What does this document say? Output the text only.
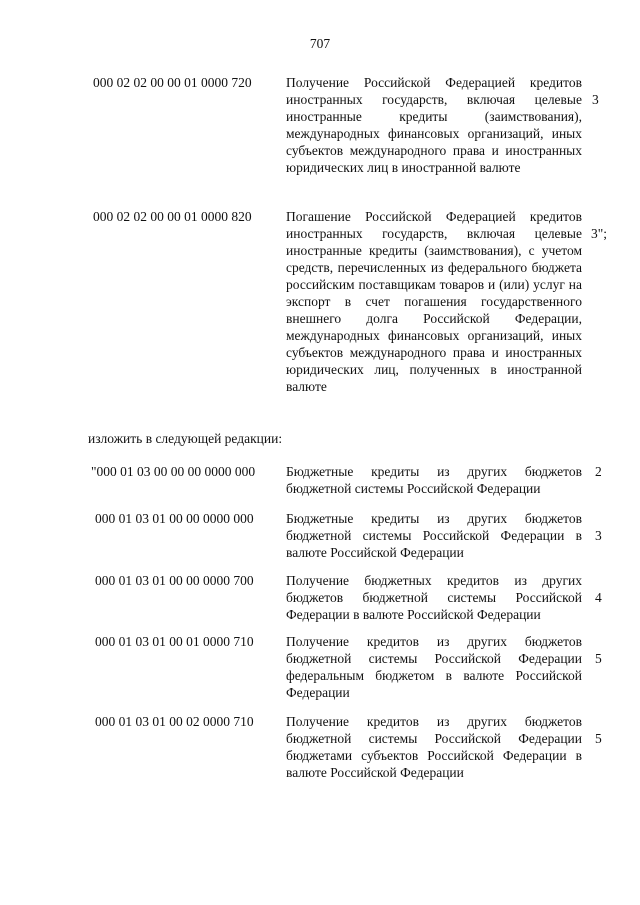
707
000 02 02 00 00 01 0000 720	Получение Российской Федерацией кредитов иностранных государств, включая целевые иностранные кредиты (заимствования), международных финансовых организаций, иных субъектов международного права и иностранных юридических лиц в иностранной валюте
3
000 02 02 00 00 01 0000 820	Погашение Российской Федерацией кредитов иностранных государств, включая целевые иностранные кредиты (заимствования), с учетом средств, перечисленных из федерального бюджета российским поставщикам товаров и (или) услуг на экспорт в счет погашения государственного внешнего долга Российской Федерации, международных финансовых организаций, иных субъектов международного права и иностранных юридических лиц, полученных в иностранной валюте
3";
изложить в следующей редакции:
"000 01 03 00 00 00 0000 000 Бюджетные кредиты из других бюджетов бюджетной системы Российской Федерации
2
000 01 03 01 00 00 0000 000 Бюджетные кредиты из других бюджетов бюджетной системы Российской Федерации в валюте Российской Федерации
3
000 01 03 01 00 00 0000 700 Получение бюджетных кредитов из других бюджетов бюджетной системы Российской Федерации в валюте Российской Федерации
4
000 01 03 01 00 01 0000 710 Получение кредитов из других бюджетов бюджетной системы Российской Федерации федеральным бюджетом в валюте Российской Федерации
5
000 01 03 01 00 02 0000 710 Получение кредитов из других бюджетов бюджетной системы Российской Федерации бюджетами субъектов Российской Федерации в валюте Российской Федерации
5
